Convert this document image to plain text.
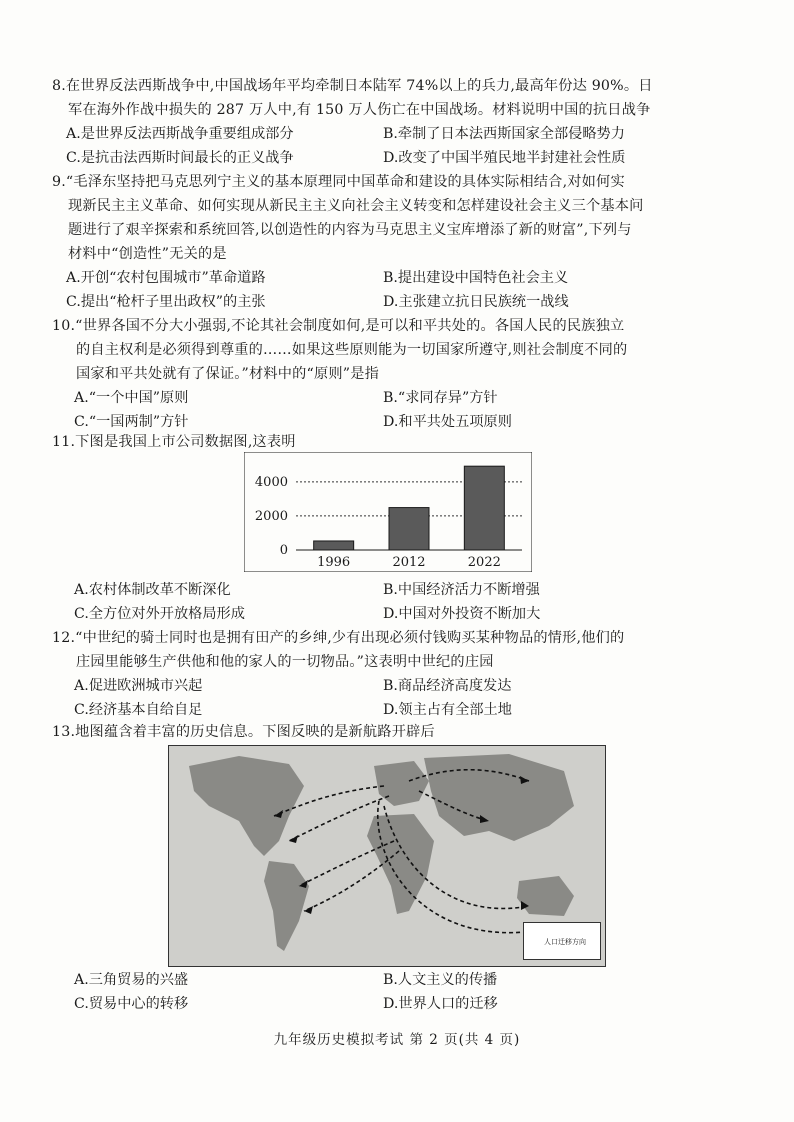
8.在世界反法西斯战争中,中国战场年平均牵制日本陆军 74%以上的兵力,最高年份达 90%。日
军在海外作战中损失的 287 万人中,有 150 万人伤亡在中国战场。材料说明中国的抗日战争
A.是世界反法西斯战争重要组成部分	B.牵制了日本法西斯国家全部侵略势力
C.是抗击法西斯时间最长的正义战争	D.改变了中国半殖民地半封建社会性质
9.“毛泽东坚持把马克思列宁主义的基本原理同中国革命和建设的具体实际相结合,对如何实
现新民主主义革命、如何实现从新民主主义向社会主义转变和怎样建设社会主义三个基本问
题进行了艰辛探索和系统回答,以创造性的内容为马克思主义宝库增添了新的财富”,下列与
材料中“创造性”无关的是
A.开创“农村包围城市”革命道路	B.提出建设中国特色社会主义
C.提出“枪杆子里出政权”的主张	D.主张建立抗日民族统一战线
10.“世界各国不分大小强弱,不论其社会制度如何,是可以和平共处的。各国人民的民族独立
的自主权利是必须得到尊重的……如果这些原则能为一切国家所遵守,则社会制度不同的
国家和平共处就有了保证。”材料中的“原则”是指
A.“一个中国”原则	B.“求同存异”方针
C.“一国两制”方针	D.和平共处五项原则
11.下图是我国上市公司数据图,这表明
0
2000
4000
1996	2012	2022
A.农村体制改革不断深化	B.中国经济活力不断增强
C.全方位对外开放格局形成	D.中国对外投资不断加大
12.“中世纪的骑士同时也是拥有田产的乡绅,少有出现必须付钱购买某种物品的情形,他们的
庄园里能够生产供他和他的家人的一切物品。”这表明中世纪的庄园
A.促进欧洲城市兴起	B.商品经济高度发达
C.经济基本自给自足	D.领主占有全部土地
13.地图蕴含着丰富的历史信息。下图反映的是新航路开辟后
人口迁移方向
A.三角贸易的兴盛	B.人文主义的传播
C.贸易中心的转移	D.世界人口的迁移
九年级历史模拟考试 第 2 页(共 4 页)
